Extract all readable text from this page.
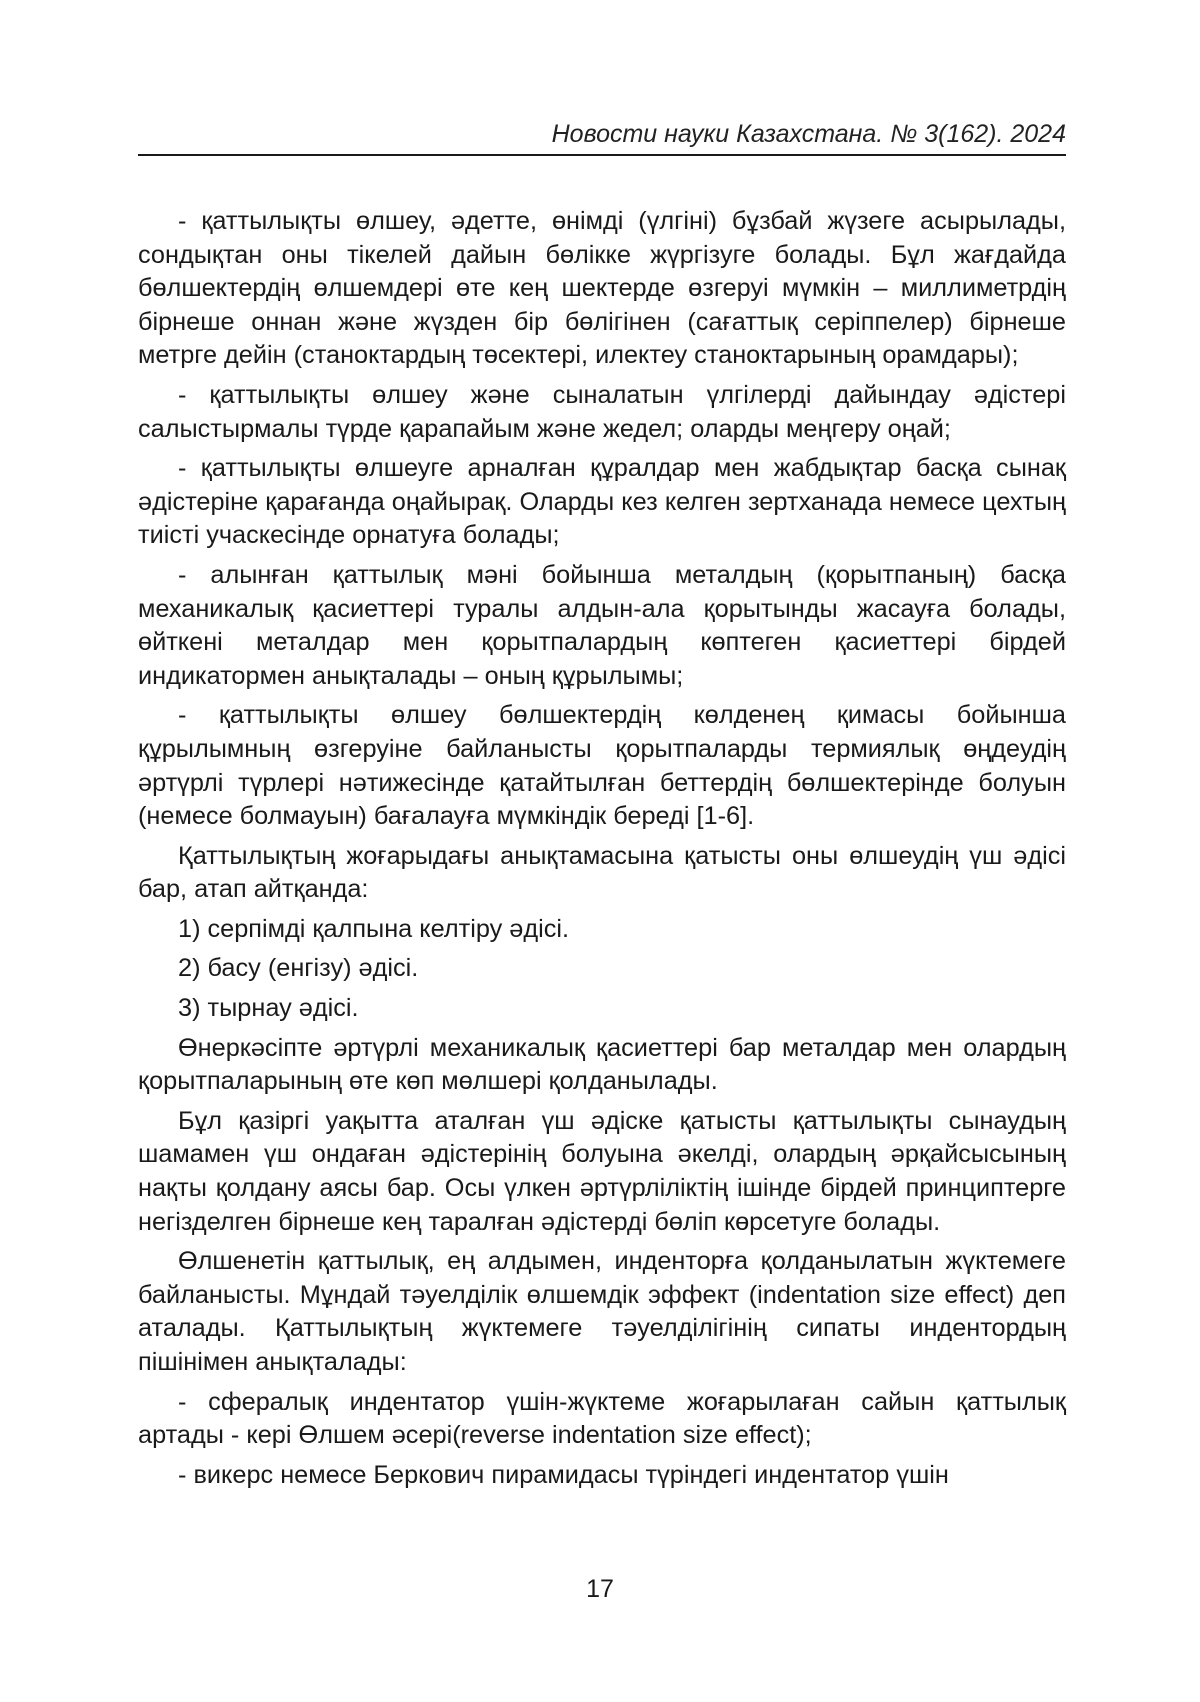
Новости науки Казахстана. № 3(162). 2024

- қаттылықты өлшеу, әдетте, өнімді (үлгіні) бұзбай жүзеге асырылады, сондықтан оны тікелей дайын бөлікке жүргізуге болады. Бұл жағдайда бөлшектердің өлшемдері өте кең шектерде өзгеруі мүмкін – миллиметрдің бірнеше оннан және жүзден бір бөлігінен (сағаттық серіппелер) бірнеше метрге дейін (станоктардың төсектері, илектеу станоктарының орамдары);

- қаттылықты өлшеу және сыналатын үлгілерді дайындау әдістері салыстырмалы түрде қарапайым және жедел; оларды меңгеру оңай;

- қаттылықты өлшеуге арналған құралдар мен жабдықтар басқа сынақ әдістеріне қарағанда оңайырақ. Оларды кез келген зертханада немесе цехтың тиісті учаскесінде орнатуға болады;

- алынған қаттылық мәні бойынша металдың (қорытпаның) басқа механикалық қасиеттері туралы алдын-ала қорытынды жасауға болады, өйткені металдар мен қорытпалардың көптеген қасиеттері бірдей индикатормен анықталады – оның құрылымы;

- қаттылықты өлшеу бөлшектердің көлденең қимасы бойынша құрылымның өзгеруіне байланысты қорытпаларды термиялық өңдеудің әртүрлі түрлері нәтижесінде қатайтылған беттердің бөлшектерінде болуын (немесе болмауын) бағалауға мүмкіндік береді [1-6].

Қаттылықтың жоғарыдағы анықтамасына қатысты оны өлшеудің үш әдісі бар, атап айтқанда:

1) серпімді қалпына келтіру әдісі.

2) басу (енгізу) әдісі.

3) тырнау әдісі.

Өнеркәсіпте әртүрлі механикалық қасиеттері бар металдар мен олардың қорытпаларының өте көп мөлшері қолданылады.

Бұл қазіргі уақытта аталған үш әдіске қатысты қаттылықты сынаудың шамамен үш ондаған әдістерінің болуына әкелді, олардың әрқайсысының нақты қолдану аясы бар. Осы үлкен әртүрліліктің ішінде бірдей принциптерге негізделген бірнеше кең таралған әдістерді бөліп көрсетуге болады.

Өлшенетін қаттылық, ең алдымен, инденторға қолданылатын жүктемеге байланысты. Мұндай тәуелділік өлшемдік эффект (indentation size effect) деп аталады. Қаттылықтың жүктемеге тәуелділігінің сипаты индентордың пішінімен анықталады:

- сфералық индентатор үшін-жүктеме жоғарылаған сайын қаттылық артады - кері Өлшем әсері(reverse indentation size effect);

- викерс немесе Беркович пирамидасы түріндегі индентатор үшін

17
